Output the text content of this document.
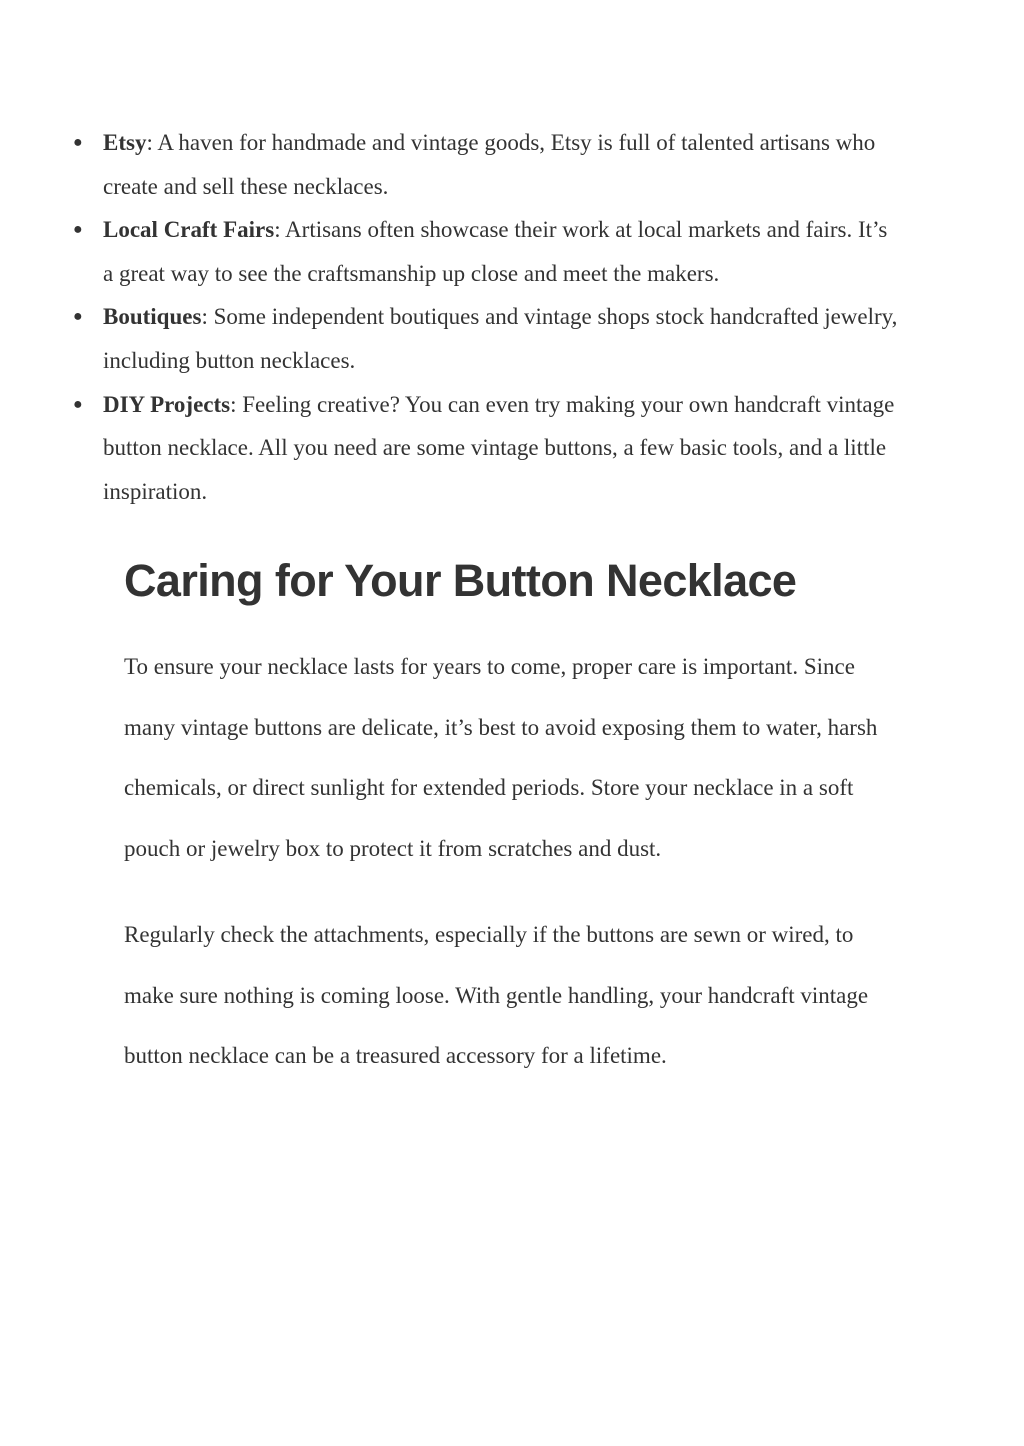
● Etsy: A haven for handmade and vintage goods, Etsy is full of talented artisans who create and sell these necklaces.
● Local Craft Fairs: Artisans often showcase their work at local markets and fairs. It’s a great way to see the craftsmanship up close and meet the makers.
● Boutiques: Some independent boutiques and vintage shops stock handcrafted jewelry, including button necklaces.
● DIY Projects: Feeling creative? You can even try making your own handcraft vintage button necklace. All you need are some vintage buttons, a few basic tools, and a little inspiration.
Caring for Your Button Necklace

To ensure your necklace lasts for years to come, proper care is important. Since many vintage buttons are delicate, it’s best to avoid exposing them to water, harsh chemicals, or direct sunlight for extended periods. Store your necklace in a soft pouch or jewelry box to protect it from scratches and dust.

Regularly check the attachments, especially if the buttons are sewn or wired, to make sure nothing is coming loose. With gentle handling, your handcraft vintage button necklace can be a treasured accessory for a lifetime.
